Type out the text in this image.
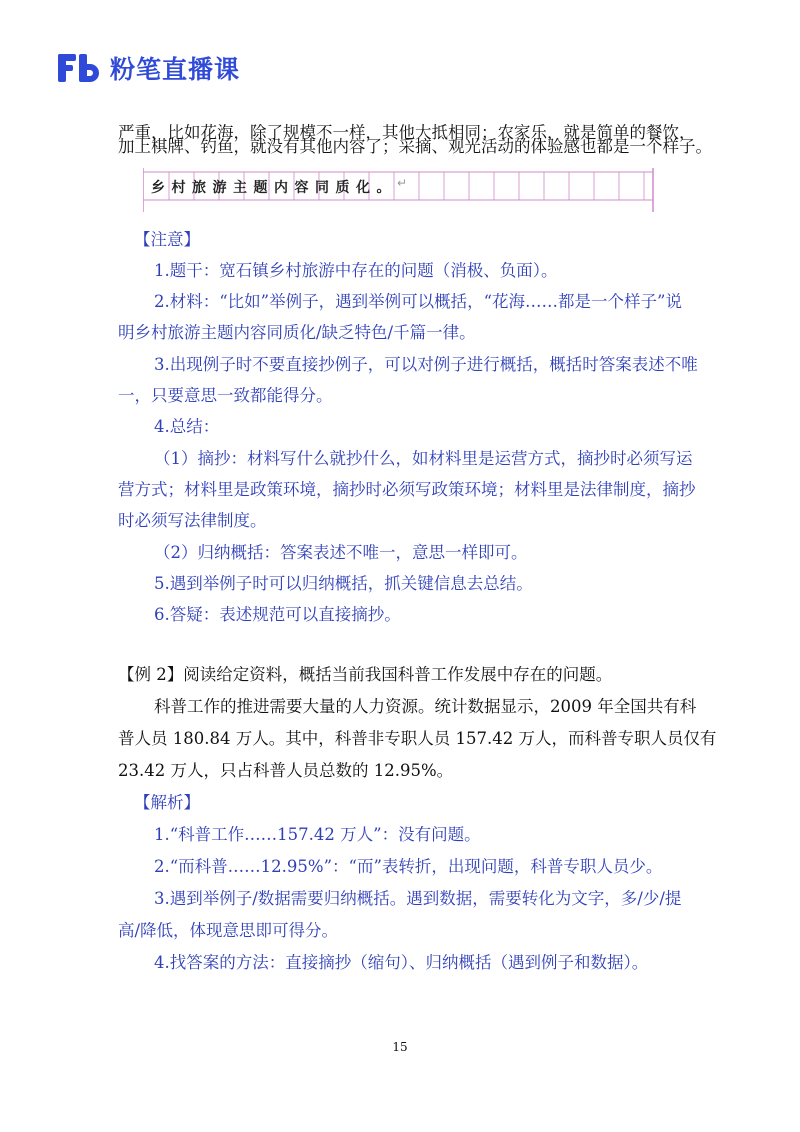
粉笔直播课
严重，比如花海，除了规模不一样，其他大抵相同；农家乐，就是简单的餐饮，
加上棋牌、钓鱼，就没有其他内容了；采摘、观光活动的体验感也都是一个样子。
乡村旅游主题内容同质化。 ↵
【注意】
1.题干：宽石镇乡村旅游中存在的问题（消极、负面）。
2.材料：“比如”举例子，遇到举例可以概括，“花海……都是一个样子”说
明乡村旅游主题内容同质化/缺乏特色/千篇一律。
3.出现例子时不要直接抄例子，可以对例子进行概括，概括时答案表述不唯
一，只要意思一致都能得分。
4.总结：
（1）摘抄：材料写什么就抄什么，如材料里是运营方式，摘抄时必须写运
营方式；材料里是政策环境，摘抄时必须写政策环境；材料里是法律制度，摘抄
时必须写法律制度。
（2）归纳概括：答案表述不唯一，意思一样即可。
5.遇到举例子时可以归纳概括，抓关键信息去总结。
6.答疑：表述规范可以直接摘抄。
【例 2】阅读给定资料，概括当前我国科普工作发展中存在的问题。
科普工作的推进需要大量的人力资源。统计数据显示，2009 年全国共有科
普人员 180.84 万人。其中，科普非专职人员 157.42 万人，而科普专职人员仅有
23.42 万人，只占科普人员总数的 12.95%。
【解析】
1.“科普工作……157.42 万人”：没有问题。
2.“而科普……12.95%”：“而”表转折，出现问题，科普专职人员少。
3.遇到举例子/数据需要归纳概括。遇到数据，需要转化为文字，多/少/提
高/降低，体现意思即可得分。
4.找答案的方法：直接摘抄（缩句）、归纳概括（遇到例子和数据）。
15
